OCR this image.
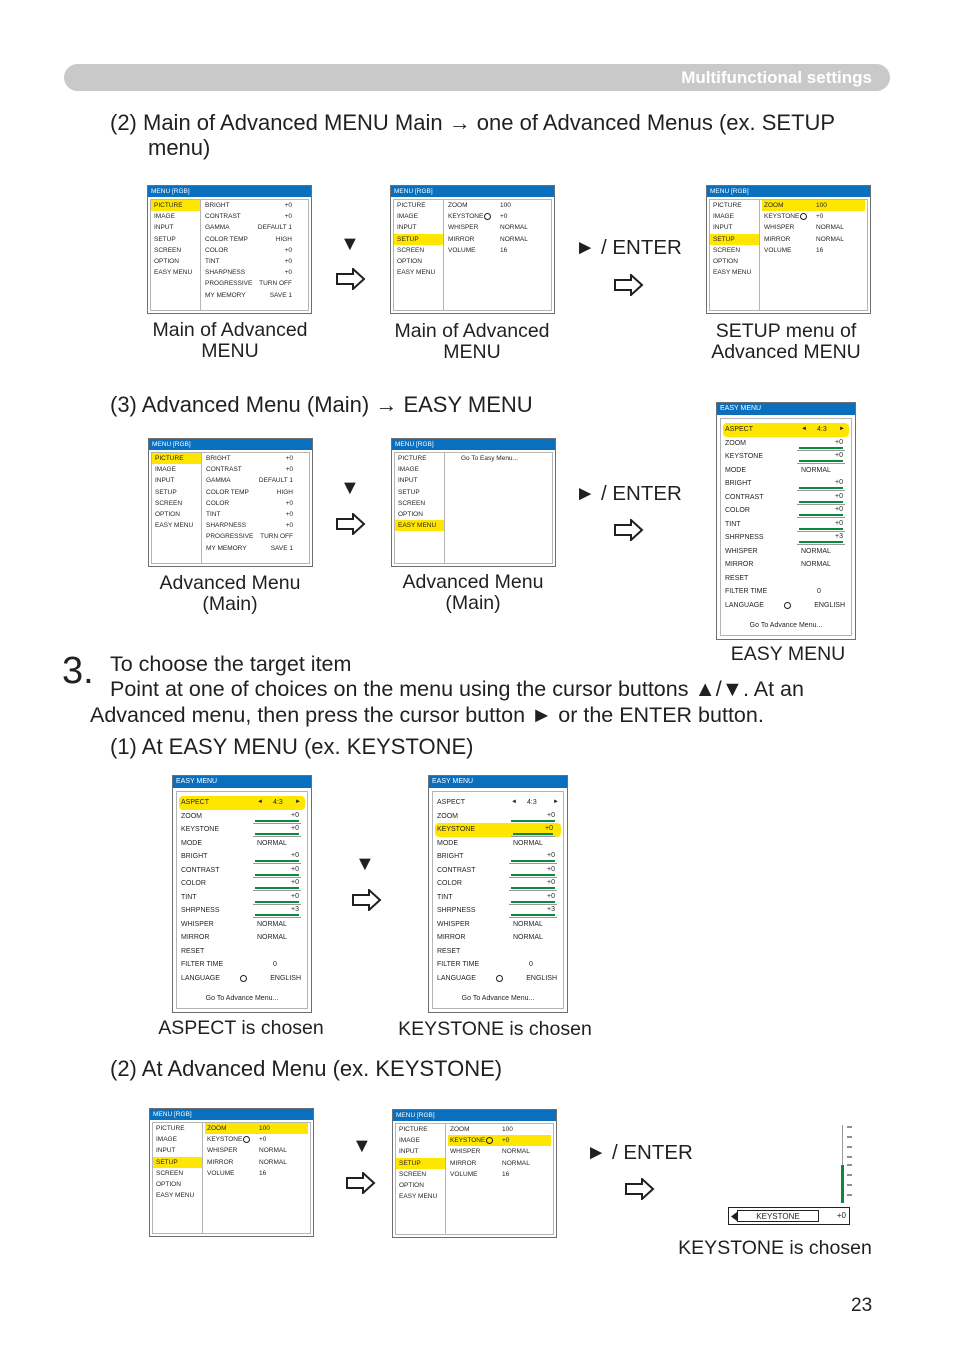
Multifunctional settings
(2) Main of Advanced MENU Main → one of Advanced Menus (ex. SETUP
menu)
MENU [RGB]
PICTURE
IMAGE
INPUT
SETUP
SCREEN
OPTION
EASY MENU
BRIGHT	+0
CONTRAST	+0
GAMMA	DEFAULT 1
COLOR TEMP	HIGH
COLOR	+0
TINT	+0
SHARPNESS	+0
PROGRESSIVE TURN OFF
MY MEMORY	SAVE 1
MENU [RGB]
PICTURE
IMAGE
INPUT
SETUP
SCREEN
OPTION
EASY MENU
ZOOM	100
KEYSTONE	+0
WHISPER	NORMAL
MIRROR	NORMAL
VOLUME	16
MENU [RGB]
PICTURE
IMAGE
INPUT
SETUP
SCREEN
OPTION
EASY MENU
ZOOM	100
KEYSTONE	+0
WHISPER	NORMAL
MIRROR	NORMAL
VOLUME	16
▼	► / ENTER
Main of Advanced MENU
Main of Advanced MENU
SETUP menu of Advanced MENU
(3) Advanced Menu (Main) → EASY MENU
MENU [RGB]
PICTURE
IMAGE
INPUT
SETUP
SCREEN
OPTION
EASY MENU
BRIGHT	+0
CONTRAST	+0
GAMMA	DEFAULT 1
COLOR TEMP	HIGH
COLOR	+0
TINT	+0
SHARPNESS	+0
PROGRESSIVE TURN OFF
MY MEMORY	SAVE 1
MENU [RGB]
PICTURE
IMAGE
INPUT
SETUP
SCREEN
OPTION
EASY MENU
Go To Easy Menu...
▼	► / ENTER
EASY MENU
ASPECT	◄ 4:3 ►
ZOOM	+0
KEYSTONE	+0
MODE	NORMAL
BRIGHT	+0
CONTRAST	+0
COLOR	+0
TINT	+0
SHRPNESS	+3
WHISPER	NORMAL
MIRROR	NORMAL
RESET
FILTER TIME	0
LANGUAGE	ENGLISH
Go To Advance Menu...
Advanced Menu (Main)
Advanced Menu (Main)
EASY MENU
3. To choose the target item
Point at one of choices on the menu using the cursor buttons ▲/▼. At an
Advanced menu, then press the cursor button ► or the ENTER button.
(1) At EASY MENU (ex. KEYSTONE)
EASY MENU
ASPECT	◄ 4:3 ►
ZOOM	+0
KEYSTONE	+0
MODE	NORMAL
BRIGHT	+0
CONTRAST	+0
COLOR	+0
TINT	+0
SHRPNESS	+3
WHISPER	NORMAL
MIRROR	NORMAL
RESET
FILTER TIME	0
LANGUAGE	ENGLISH
Go To Advance Menu...
EASY MENU
ASPECT	◄ 4:3	►
ZOOM	+0
KEYSTONE	+0
MODE	NORMAL
BRIGHT	+0
CONTRAST	+0
COLOR	+0
TINT	+0
SHRPNESS	+3
WHISPER	NORMAL
MIRROR	NORMAL
RESET
FILTER TIME	0
LANGUAGE	ENGLISH
Go To Advance Menu...
▼
ASPECT is chosen	KEYSTONE is chosen
(2) At Advanced Menu (ex. KEYSTONE)
MENU [RGB]
PICTURE
IMAGE
INPUT
SETUP
SCREEN
OPTION
EASY MENU
ZOOM	100
KEYSTONE	+0
WHISPER	NORMAL
MIRROR	NORMAL
VOLUME	16
MENU [RGB]
PICTURE
IMAGE
INPUT
SETUP
SCREEN
OPTION
EASY MENU
ZOOM	100
KEYSTONE	+0
WHISPER	NORMAL
MIRROR	NORMAL
VOLUME	16
▼	► / ENTER
KEYSTONE	+0
KEYSTONE is chosen
23
